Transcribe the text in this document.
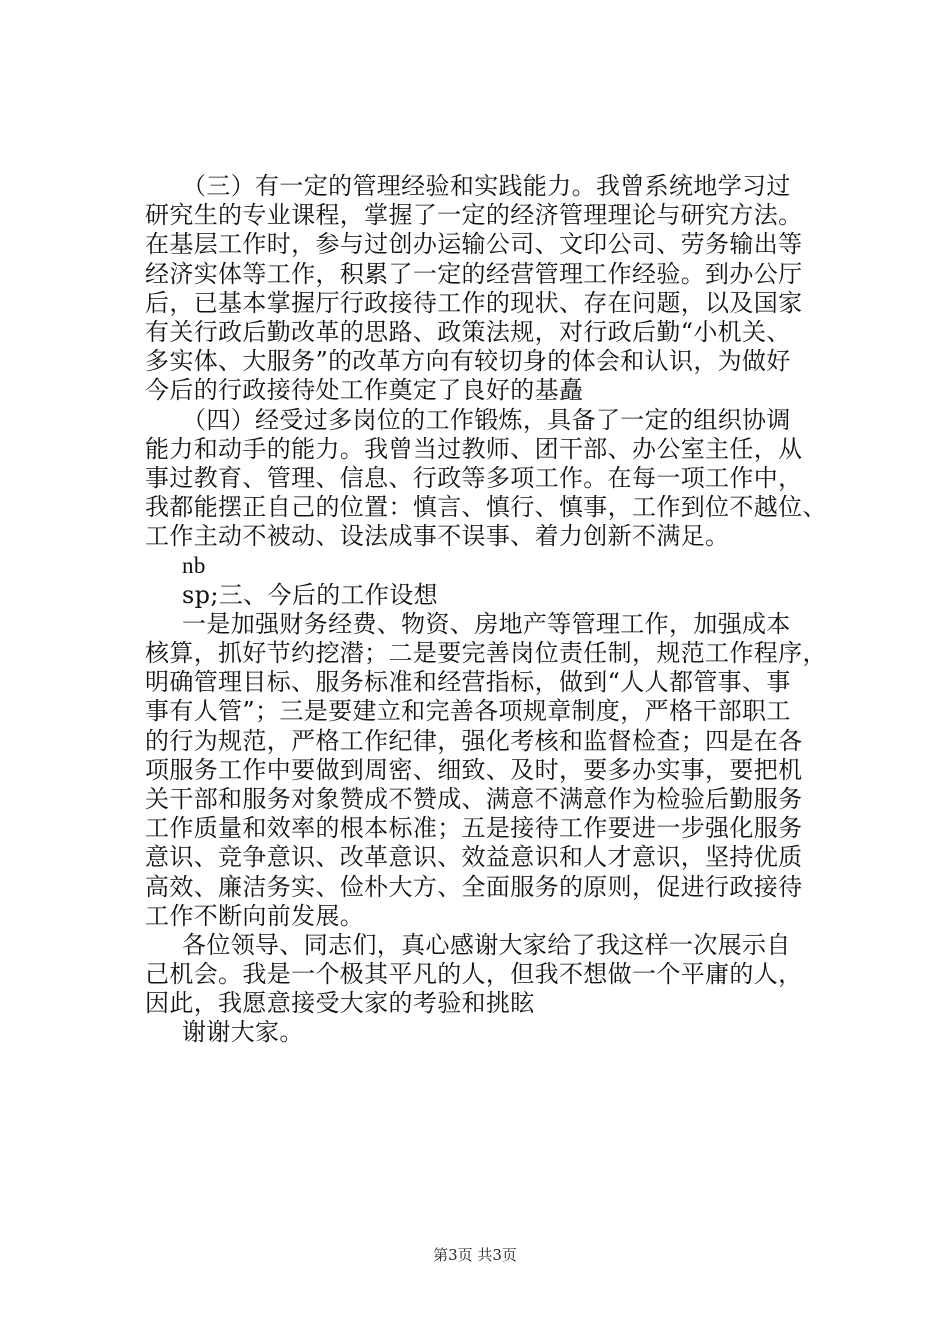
（三）有一定的管理经验和实践能力。我曾系统地学习过
研究生的专业课程，掌握了一定的经济管理理论与研究方法。
在基层工作时，参与过创办运输公司、文印公司、劳务输出等
经济实体等工作，积累了一定的经营管理工作经验。到办公厅
后，已基本掌握厅行政接待工作的现状、存在问题，以及国家
有关行政后勤改革的思路、政策法规，对行政后勤“小机关、
多实体、大服务”的改革方向有较切身的体会和认识，为做好
今后的行政接待处工作奠定了良好的基矗
（四）经受过多岗位的工作锻炼，具备了一定的组织协调
能力和动手的能力。我曾当过教师、团干部、办公室主任，从
事过教育、管理、信息、行政等多项工作。在每一项工作中，
我都能摆正自己的位置：慎言、慎行、慎事，工作到位不越位、
工作主动不被动、设法成事不误事、着力创新不满足。
nb
sp;三、今后的工作设想
一是加强财务经费、物资、房地产等管理工作，加强成本
核算，抓好节约挖潜；二是要完善岗位责任制，规范工作程序，
明确管理目标、服务标准和经营指标，做到“人人都管事、事
事有人管”；三是要建立和完善各项规章制度，严格干部职工
的行为规范，严格工作纪律，强化考核和监督检查；四是在各
项服务工作中要做到周密、细致、及时，要多办实事，要把机
关干部和服务对象赞成不赞成、满意不满意作为检验后勤服务
工作质量和效率的根本标准；五是接待工作要进一步强化服务
意识、竞争意识、改革意识、效益意识和人才意识，坚持优质
高效、廉洁务实、俭朴大方、全面服务的原则，促进行政接待
工作不断向前发展。
各位领导、同志们，真心感谢大家给了我这样一次展示自
己机会。我是一个极其平凡的人，但我不想做一个平庸的人，
因此，我愿意接受大家的考验和挑眩
谢谢大家。
第3页 共3页
